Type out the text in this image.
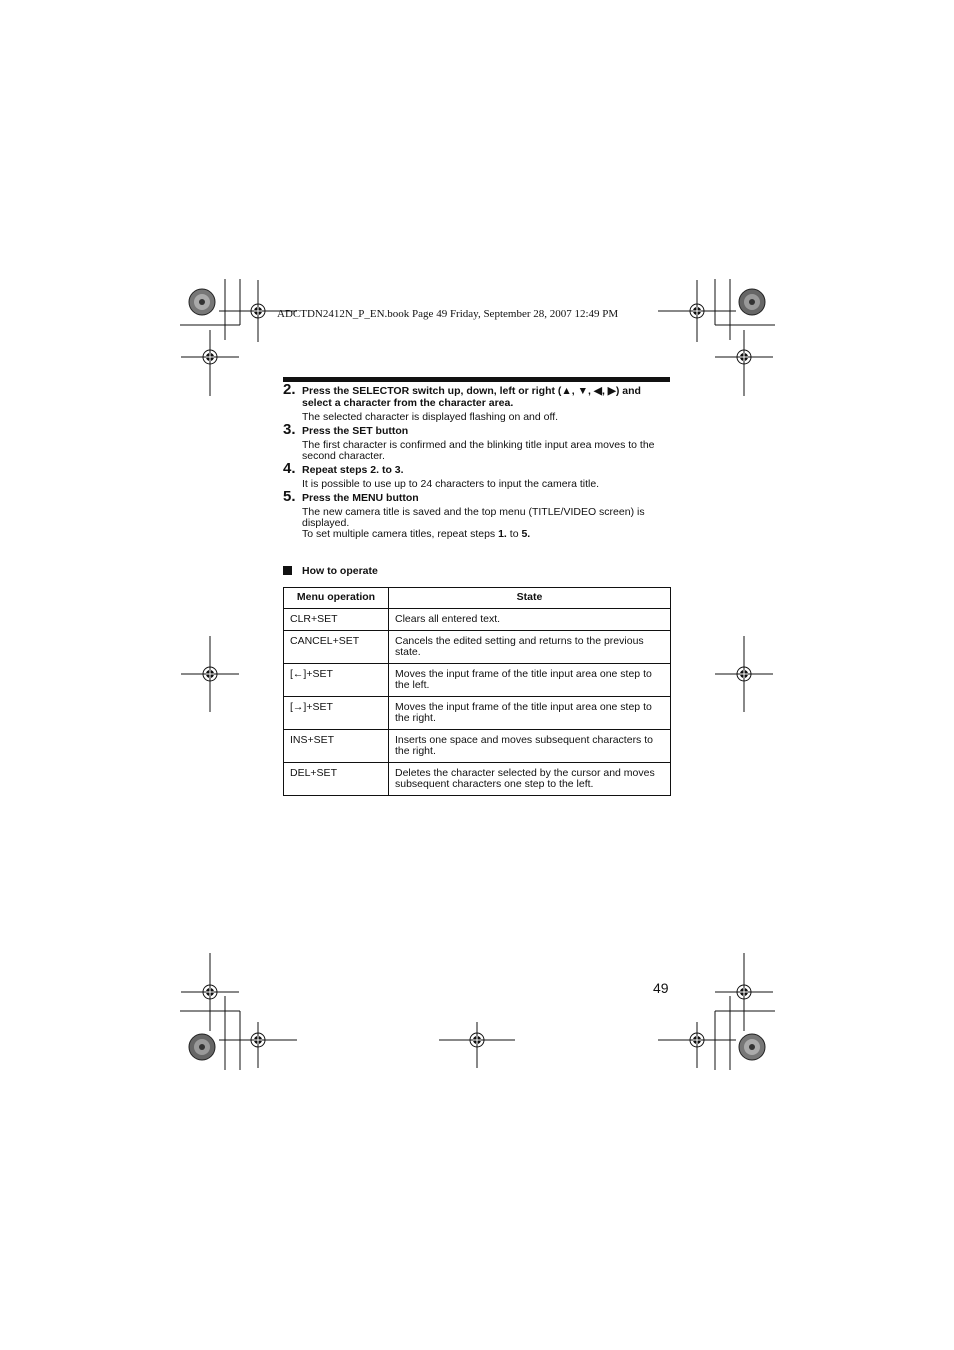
ADCTDN2412N_P_EN.book Page 49 Friday, September 28, 2007 12:49 PM
2. Press the SELECTOR switch up, down, left or right (▲, ▼, ◀, ▶) and select a character from the character area.
The selected character is displayed flashing on and off.
3. Press the SET button
The first character is confirmed and the blinking title input area moves to the second character.
4. Repeat steps 2. to 3.
It is possible to use up to 24 characters to input the camera title.
5. Press the MENU button
The new camera title is saved and the top menu (TITLE/VIDEO screen) is displayed.
To set multiple camera titles, repeat steps 1. to 5.
How to operate
Menu operation	State
CLR+SET	Clears all entered text.
CANCEL+SET	Cancels the edited setting and returns to the previous state.
[←]+SET	Moves the input frame of the title input area one step to the left.
[→]+SET	Moves the input frame of the title input area one step to the right.
INS+SET	Inserts one space and moves subsequent characters to the right.
DEL+SET	Deletes the character selected by the cursor and moves subsequent characters one step to the left.
49
